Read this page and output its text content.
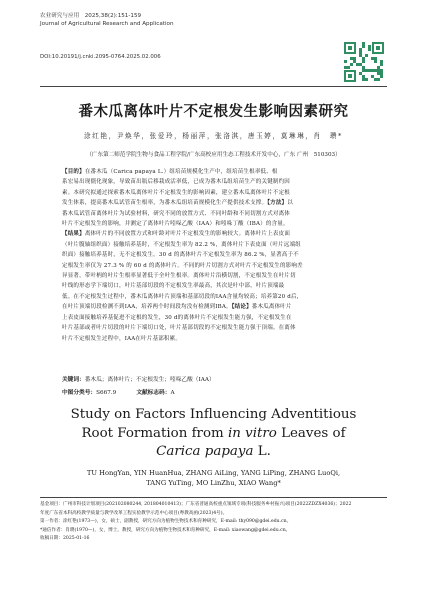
农业研究与应用　2025,38(2):151-159
Journal of Agricultural Research and Application
DOI:10.20191/j.cnki.2095-0764.2025.02.006
番木瓜离体叶片不定根发生影响因素研究
涂红艳，尹焕华，张爱玲，杨丽萍，张洛淇，唐玉婷，莫琳琳，肖　瓒*
（广东第二师范学院生物与食品工程学院/广东高校应用生态工程技术开发中心，广东 广州　510303）
【目的】在番木瓜（Carica papaya L.）组培苗规模化生产中，组培苗生根率低、根
系宏易出现僵化现象，导致苗出瓶后移栽成活率低，已成为番木瓜组培苗生产的关键制约因
素。本研究拟通过探索番木瓜离体叶片不定根发生的影响因素，建立番木瓜离体叶片不定根
发生体系，提高番木瓜试管苗生根率，为番木瓜组培苗规模化生产提供技术支撑。【方法】以
番木瓜试管苗离体叶片为试验材料，研究不同的放置方式、不同叶龄和不同切割方式对离体
叶片不定根发生的影响，并测定了离体叶片吲哚乙酸（IAA）和吲哚丁酸（IBA）的含量。
【结果】离体叶片的不同放置方式和叶龄对叶片不定根发生的影响较大。离体叶片上表皮面
（叶片腹轴组织面）接触培养基时，不定根发生率为 82.2 %，离体叶片下表皮面（叶片远端组
织面）接触培养基时，无不定根发生。30 d 的离体叶片不定根发生率为 86.2 %，显著高于不
定根发生率仅为 27.3 % 的 60 d 的离体叶片。不同的叶片切割方式对叶片不定根发生的影响差
异显著，带叶柄的叶片生根率显著低于全叶生根率。离体叶片沿横切割，不定根发生在叶片切
叶线的形态学下端切口，叶片基部切段的不定根发生率最高，其次是叶中部，叶片顶端最
低。在不定根发生过程中，番木瓜离体叶片顶端和基部切段的IAA含量均较高；培养第20 d后，
在叶片顶端切段检测不到IAA，培养两个时间段均没有检测到IBA。【结论】番木瓜离体叶片
上表皮面接触培养基促进不定根的发生，30 d的离体叶片不定根发生能力强，不定根发生在
叶片基部或者叶片切段的叶片下端切口处，叶片基部切段的不定根发生能力强于顶端。在离体
叶片不定根发生过程中，IAA在叶片基部积累。
关键词：番木瓜；离体叶片；不定根发生；吲哚乙酸（IAA）
中图分类号：S667.9	文献标志码：A
Study on Factors Influencing Adventitious
Root Formation from in vitro Leaves of
Carica papaya L.
TU HongYan, YIN HuanHua, ZHANG AiLing, YANG LiPing, ZHANG LuoQi,
TANG YuTing, MO LinZhu, XIAO Wang*
基金项目：广州市科技计划项目(202102080244, 201804010413)；广东省普通高校重点领域专项(科技服务乡村振兴)项目(2022ZDZX4036)；2022
年度广东省本科高校教学质量与教学改革工程实验教学示范中心项目(粤教高函(2023)4号)。
第一作者：涂红艳(1973—)，女，硕士，副教授，研究方向为植物生物技术和育种研究，E-mail: thy090@gdei.edu.cn。
*通信作者：肖瓒(1970—)，女，博士，教授，研究方向为植物生物技术和育种研究，E-mail: xiaowang@gdei.edu.cn。
收稿日期：2025-01-16
